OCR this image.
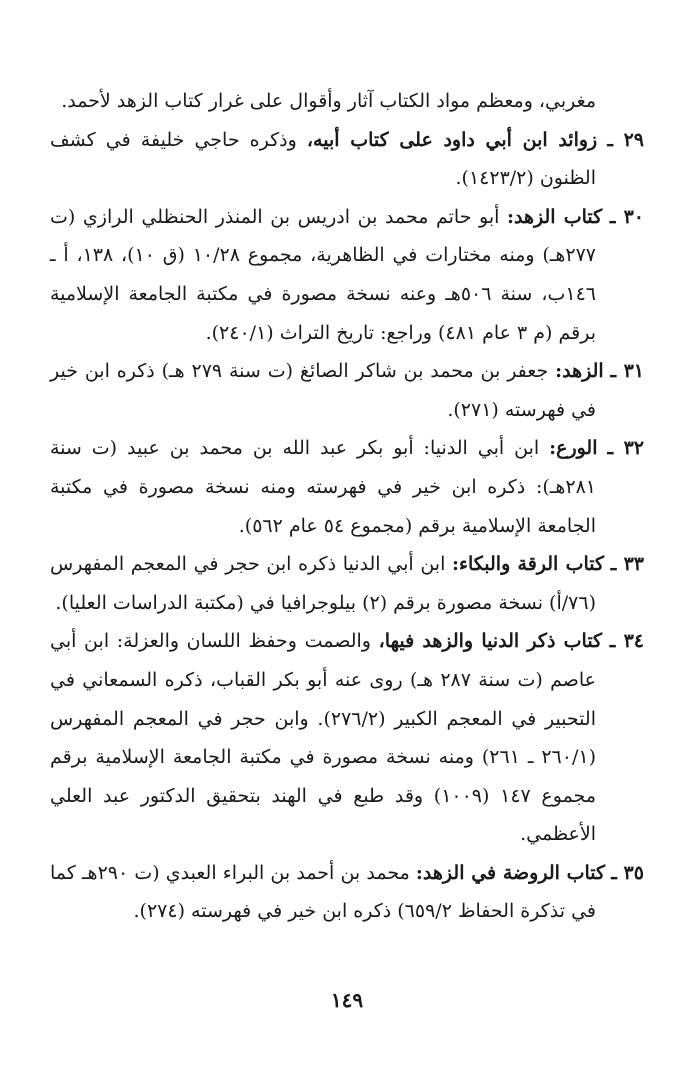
مغربي، ومعظم مواد الكتاب آثار وأقوال على غرار كتاب الزهد لأحمد.

٢٩ ـ زوائد ابن أبي داود على كتاب أبيه، وذكره حاجي خليفة في كشف الظنون (١٤٢٣/٢).

٣٠ ـ كتاب الزهد: أبو حاتم محمد بن ادريس بن المنذر الحنظلي الرازي (ت ٢٧٧هـ) ومنه مختارات في الظاهرية، مجموع ١٠/٢٨ (ق ١٠)، ١٣٨، أ ـ ١٤٦ب، سنة ٥٠٦هـ وعنه نسخة مصورة في مكتبة الجامعة الإسلامية برقم (م ٣ عام ٤٨١) وراجع: تاريخ التراث (٢٤٠/١).

٣١ ـ الزهد: جعفر بن محمد بن شاكر الصائغ (ت سنة ٢٧٩ هـ) ذكره ابن خير في فهرسته (٢٧١).

٣٢ ـ الورع: ابن أبي الدنيا: أبو بكر عبد الله بن محمد بن عبيد (ت سنة ٢٨١هـ): ذكره ابن خير في فهرسته ومنه نسخة مصورة في مكتبة الجامعة الإسلامية برقم (مجموع ٥٤ عام ٥٦٢).

٣٣ ـ كتاب الرقة والبكاء: ابن أبي الدنيا ذكره ابن حجر في المعجم المفهرس (٧٦/أ) نسخة مصورة برقم (٢) بيلوجرافيا في (مكتبة الدراسات العليا).

٣٤ ـ كتاب ذكر الدنيا والزهد فيها، والصمت وحفظ اللسان والعزلة: ابن أبي عاصم (ت سنة ٢٨٧ هـ) روى عنه أبو بكر القباب، ذكره السمعاني في التحبير في المعجم الكبير (٢٧٦/٢). وابن حجر في المعجم المفهرس (٢٦٠/١ ـ ٢٦١) ومنه نسخة مصورة في مكتبة الجامعة الإسلامية برقم مجموع ١٤٧ (١٠٠٩) وقد طبع في الهند بتحقيق الدكتور عبد العلي الأعظمي.

٣٥ ـ كتاب الروضة في الزهد: محمد بن أحمد بن البراء العبدي (ت ٢٩٠هـ كما في تذكرة الحفاظ ٦٥٩/٢) ذكره ابن خير في فهرسته (٢٧٤).

١٤٩
